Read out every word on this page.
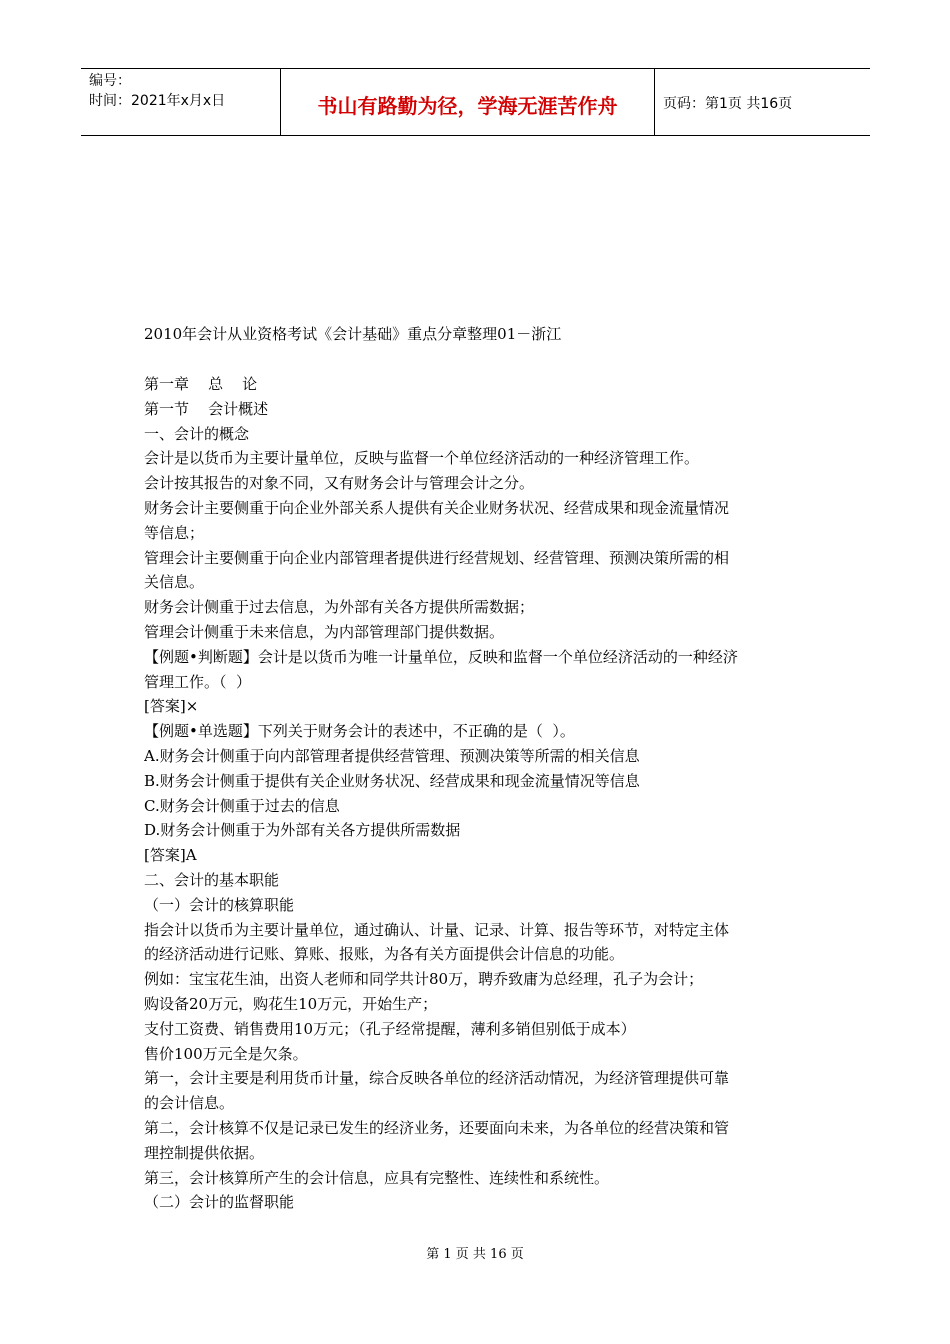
编号：
时间：2021年x月x日	书山有路勤为径，学海无涯苦作舟	页码：第1页 共16页
2010年会计从业资格考试《会计基础》重点分章整理01－浙江
第一章    总    论
第一节    会计概述
一、会计的概念
会计是以货币为主要计量单位，反映与监督一个单位经济活动的一种经济管理工作。
会计按其报告的对象不同，又有财务会计与管理会计之分。
财务会计主要侧重于向企业外部关系人提供有关企业财务状况、经营成果和现金流量情况
等信息；
管理会计主要侧重于向企业内部管理者提供进行经营规划、经营管理、预测决策所需的相
关信息。
财务会计侧重于过去信息，为外部有关各方提供所需数据；
管理会计侧重于未来信息，为内部管理部门提供数据。
【例题•判断题】会计是以货币为唯一计量单位，反映和监督一个单位经济活动的一种经济
管理工作。（  ）
[答案]×
【例题•单选题】下列关于财务会计的表述中，不正确的是（  ）。
A.财务会计侧重于向内部管理者提供经营管理、预测决策等所需的相关信息
B.财务会计侧重于提供有关企业财务状况、经营成果和现金流量情况等信息
C.财务会计侧重于过去的信息
D.财务会计侧重于为外部有关各方提供所需数据
[答案]A
二、会计的基本职能
（一）会计的核算职能
指会计以货币为主要计量单位，通过确认、计量、记录、计算、报告等环节，对特定主体
的经济活动进行记账、算账、报账，为各有关方面提供会计信息的功能。
例如：宝宝花生油，出资人老师和同学共计80万，聘乔致庸为总经理，孔子为会计；
购设备20万元，购花生10万元，开始生产；
支付工资费、销售费用10万元；（孔子经常提醒，薄利多销但别低于成本）
售价100万元全是欠条。
第一，会计主要是利用货币计量，综合反映各单位的经济活动情况，为经济管理提供可靠
的会计信息。
第二，会计核算不仅是记录已发生的经济业务，还要面向未来，为各单位的经营决策和管
理控制提供依据。
第三，会计核算所产生的会计信息，应具有完整性、连续性和系统性。
（二）会计的监督职能
第 1 页 共 16 页
